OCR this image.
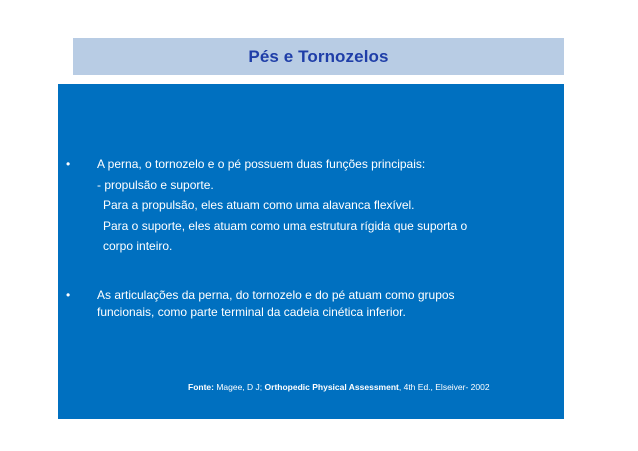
Pés e Tornozelos
• A perna, o tornozelo e o pé possuem duas funções principais:
- propulsão e suporte.
Para a propulsão, eles atuam como uma alavanca flexível.
Para o suporte, eles atuam como uma estrutura rígida que suporta o
corpo inteiro.
• As articulações da perna, do tornozelo e do pé atuam como grupos
funcionais, como parte terminal da cadeia cinética inferior.
Fonte: Magee, D J; Orthopedic Physical Assessment, 4th Ed., Elseiver- 2002
